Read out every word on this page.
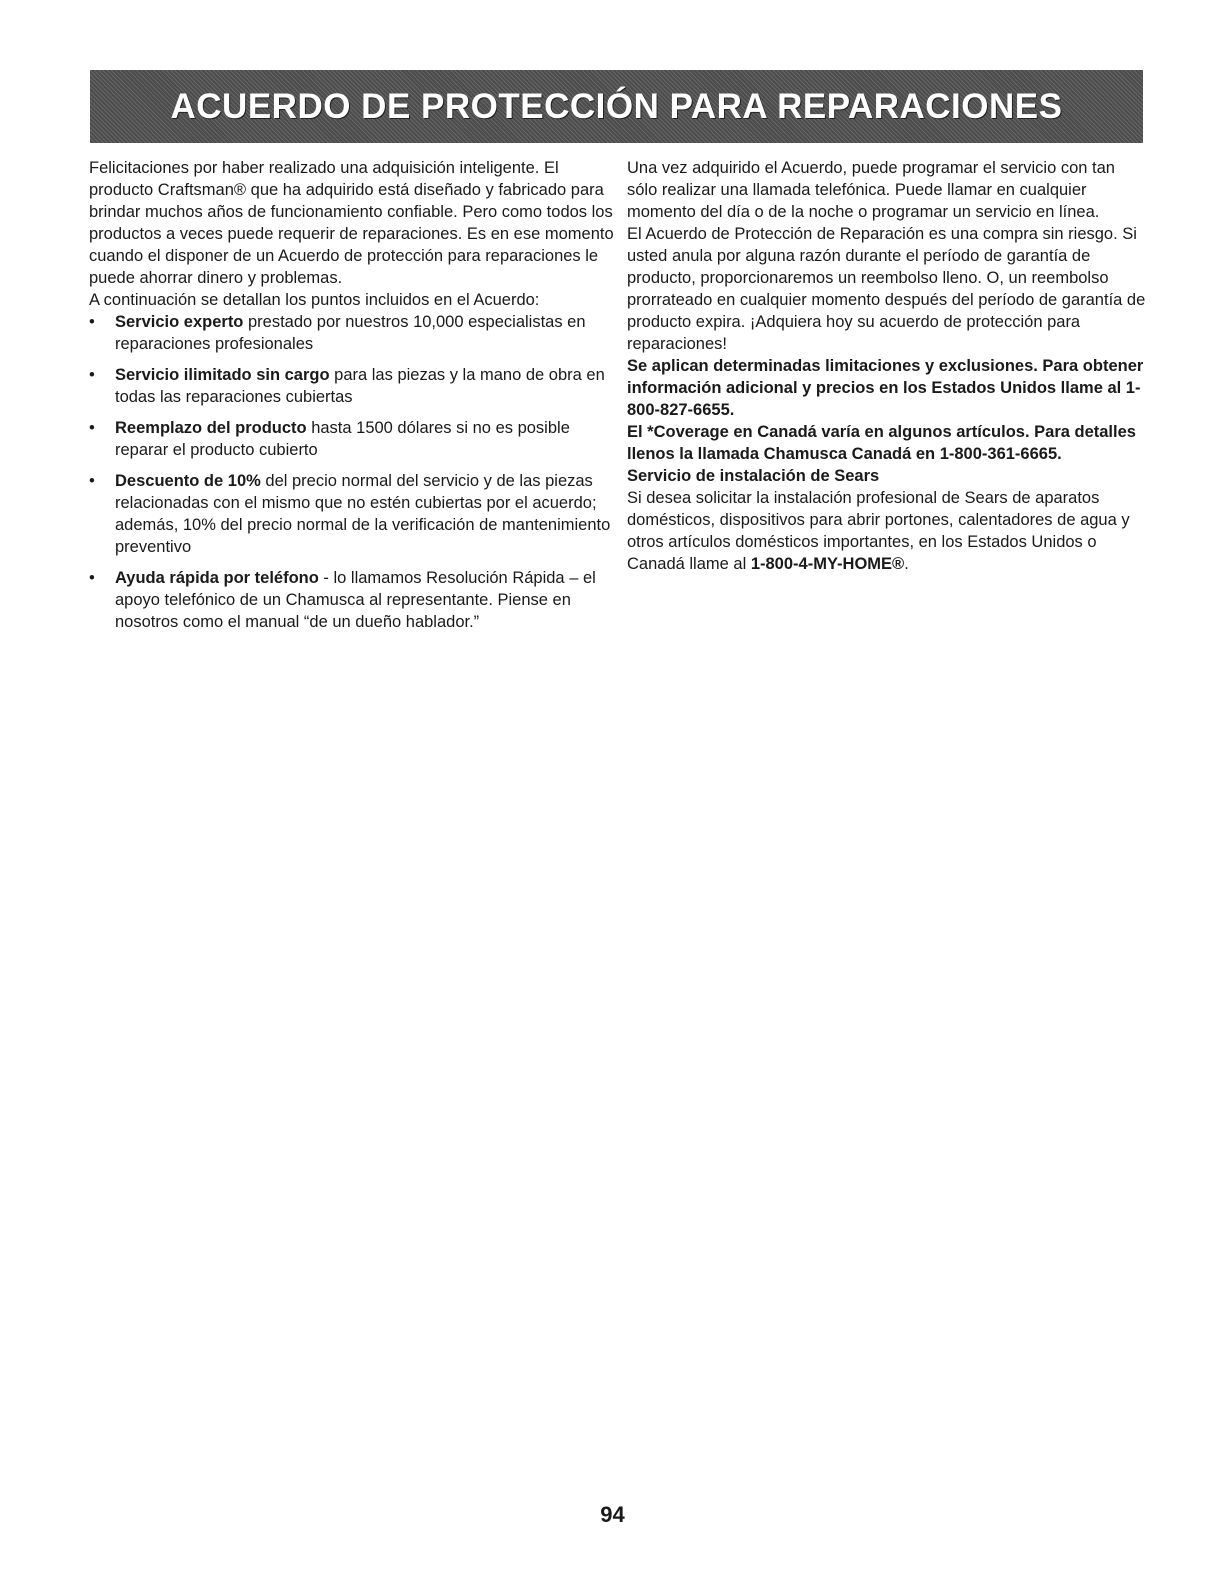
ACUERDO DE PROTECCIÓN PARA REPARACIONES

Felicitaciones por haber realizado una adquisición inteligente. El producto Craftsman® que ha adquirido está diseñado y fabricado para brindar muchos años de funcionamiento confiable. Pero como todos los productos a veces puede requerir de reparaciones. Es en ese momento cuando el disponer de un Acuerdo de protección para reparaciones le puede ahorrar dinero y problemas.

A continuación se detallan los puntos incluidos en el Acuerdo:

• Servicio experto prestado por nuestros 10,000 especialistas en reparaciones profesionales
• Servicio ilimitado sin cargo para las piezas y la mano de obra en todas las reparaciones cubiertas
• Reemplazo del producto hasta 1500 dólares si no es posible reparar el producto cubierto
• Descuento de 10% del precio normal del servicio y de las piezas relacionadas con el mismo que no estén cubiertas por el acuerdo; además, 10% del precio normal de la verificación de mantenimiento preventivo
• Ayuda rápida por teléfono - lo llamamos Resolución Rápida – el apoyo telefónico de un Chamusca al representante. Piense en nosotros como el manual “de un dueño hablador.”

Una vez adquirido el Acuerdo, puede programar el servicio con tan sólo realizar una llamada telefónica. Puede llamar en cualquier momento del día o de la noche o programar un servicio en línea.

El Acuerdo de Protección de Reparación es una compra sin riesgo. Si usted anula por alguna razón durante el período de garantía de producto, proporcionaremos un reembolso lleno. O, un reembolso prorrateado en cualquier momento después del período de garantía de producto expira. ¡Adquiera hoy su acuerdo de protección para reparaciones!

Se aplican determinadas limitaciones y exclusiones. Para obtener información adicional y precios en los Estados Unidos llame al 1-800-827-6655.

El *Coverage en Canadá varía en algunos artículos. Para detalles llenos la llamada Chamusca Canadá en 1-800-361-6665.

Servicio de instalación de Sears

Si desea solicitar la instalación profesional de Sears de aparatos domésticos, dispositivos para abrir portones, calentadores de agua y otros artículos domésticos importantes, en los Estados Unidos o Canadá llame al 1-800-4-MY-HOME®.

94
